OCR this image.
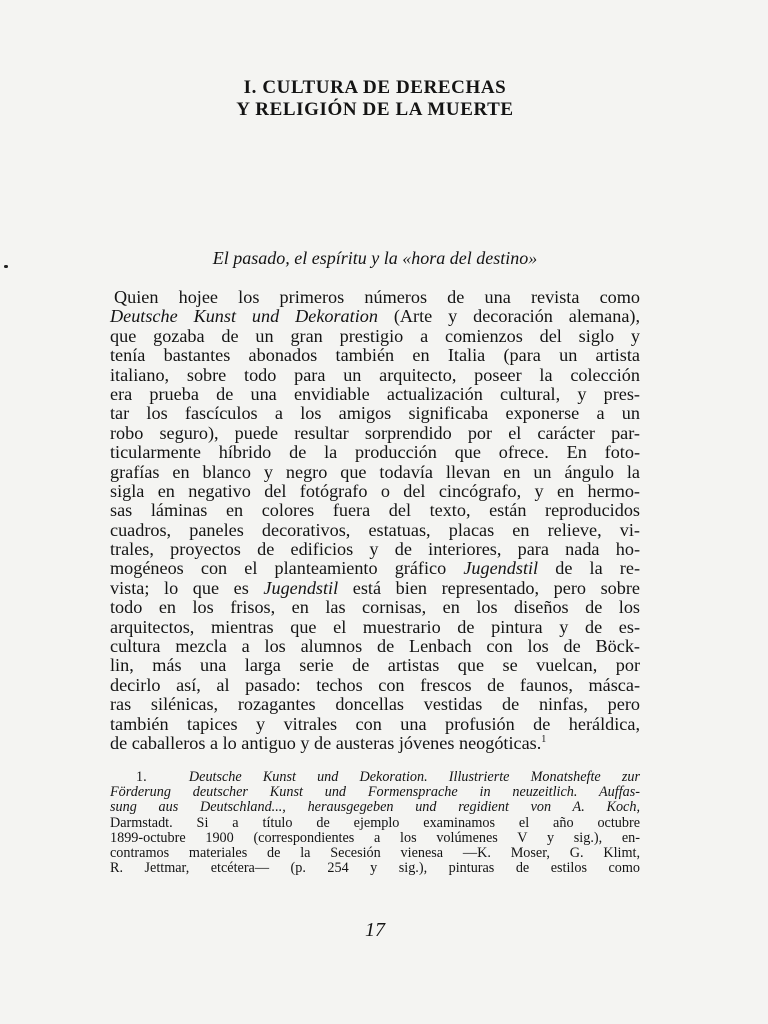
I. CULTURA DE DERECHAS
Y RELIGIÓN DE LA MUERTE
El pasado, el espíritu y la «hora del destino»
Quien hojee los primeros números de una revista como
Deutsche Kunst und Dekoration (Arte y decoración alemana),
que gozaba de un gran prestigio a comienzos del siglo y
tenía bastantes abonados también en Italia (para un artista
italiano, sobre todo para un arquitecto, poseer la colección
era prueba de una envidiable actualización cultural, y pres-
tar los fascículos a los amigos significaba exponerse a un
robo seguro), puede resultar sorprendido por el carácter par-
ticularmente híbrido de la producción que ofrece. En foto-
grafías en blanco y negro que todavía llevan en un ángulo la
sigla en negativo del fotógrafo o del cincógrafo, y en hermo-
sas láminas en colores fuera del texto, están reproducidos
cuadros, paneles decorativos, estatuas, placas en relieve, vi-
trales, proyectos de edificios y de interiores, para nada ho-
mogéneos con el planteamiento gráfico Jugendstil de la re-
vista; lo que es Jugendstil está bien representado, pero sobre
todo en los frisos, en las cornisas, en los diseños de los
arquitectos, mientras que el muestrario de pintura y de es-
cultura mezcla a los alumnos de Lenbach con los de Böck-
lin, más una larga serie de artistas que se vuelcan, por
decirlo así, al pasado: techos con frescos de faunos, másca-
ras silénicas, rozagantes doncellas vestidas de ninfas, pero
también tapices y vitrales con una profusión de heráldica,
de caballeros a lo antiguo y de austeras jóvenes neogóticas.$^1$
1.	Deutsche Kunst und Dekoration. Illustrierte Monatshefte zur
Förderung deutscher Kunst und Formensprache in neuzeitlich. Auffas-
sung aus Deutschland..., herausgegeben und regidient von A. Koch,
Darmstadt. Si a título de ejemplo examinamos el año octubre
1899-octubre 1900 (correspondientes a los volúmenes V y sig.), en-
contramos materiales de la Secesión vienesa —K. Moser, G. Klimt,
R. Jettmar, etcétera— (p. 254 y sig.), pinturas de estilos como
17
